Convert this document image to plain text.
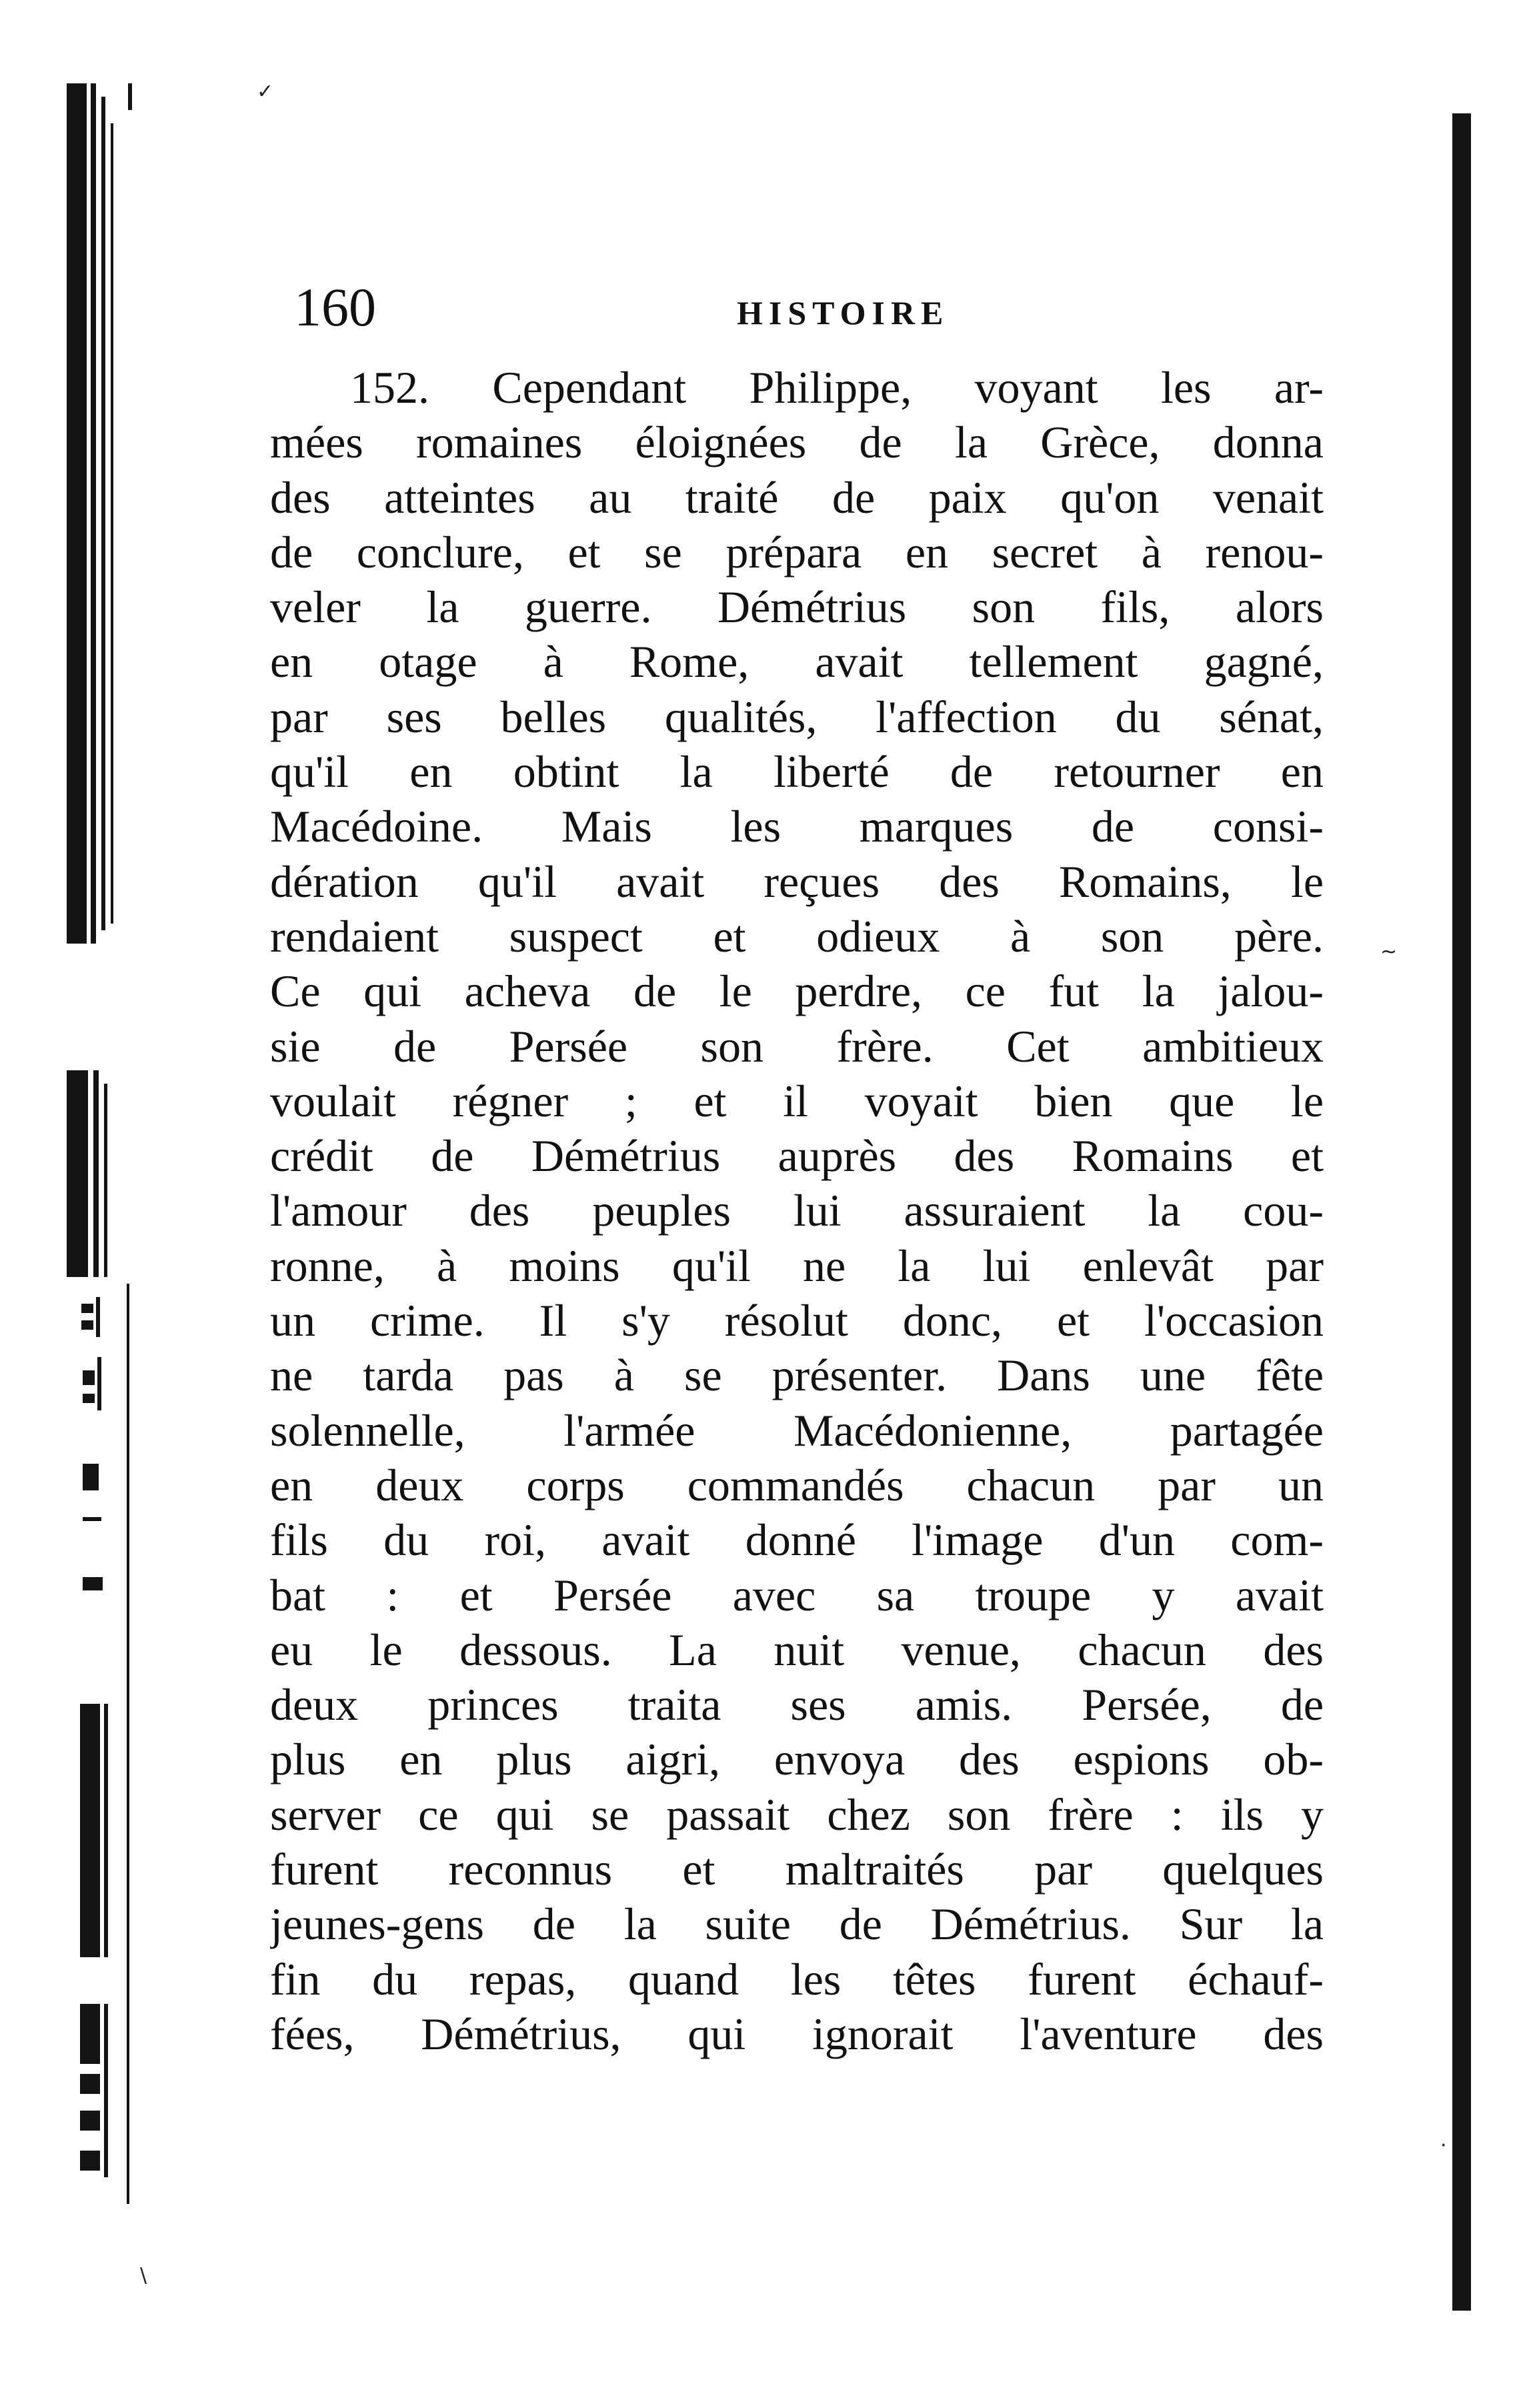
160	HISTOIRE
152. Cependant Philippe, voyant les ar-
mées romaines éloignées de la Grèce, donna
des atteintes au traité de paix qu'on venait
de conclure, et se prépara en secret à renou-
veler la guerre. Démétrius son fils, alors
en otage à Rome, avait tellement gagné,
par ses belles qualités, l'affection du sénat,
qu'il en obtint la liberté de retourner en
Macédoine. Mais les marques de consi-
dération qu'il avait reçues des Romains, le
rendaient suspect et odieux à son père.
Ce qui acheva de le perdre, ce fut la jalou-
sie de Persée son frère. Cet ambitieux
voulait régner ; et il voyait bien que le
crédit de Démétrius auprès des Romains et
l'amour des peuples lui assuraient la cou-
ronne, à moins qu'il ne la lui enlevât par
un crime. Il s'y résolut donc, et l'occasion
ne tarda pas à se présenter. Dans une fête
solennelle, l'armée Macédonienne, partagée
en deux corps commandés chacun par un
fils du roi, avait donné l'image d'un com-
bat : et Persée avec sa troupe y avait
eu le dessous. La nuit venue, chacun des
deux princes traita ses amis. Persée, de
plus en plus aigri, envoya des espions ob-
server ce qui se passait chez son frère : ils y
furent reconnus et maltraités par quelques
jeunes-gens de la suite de Démétrius. Sur la
fin du repas, quand les têtes furent échauf-
fées, Démétrius, qui ignorait l'aventure des
✓
~
·
\
